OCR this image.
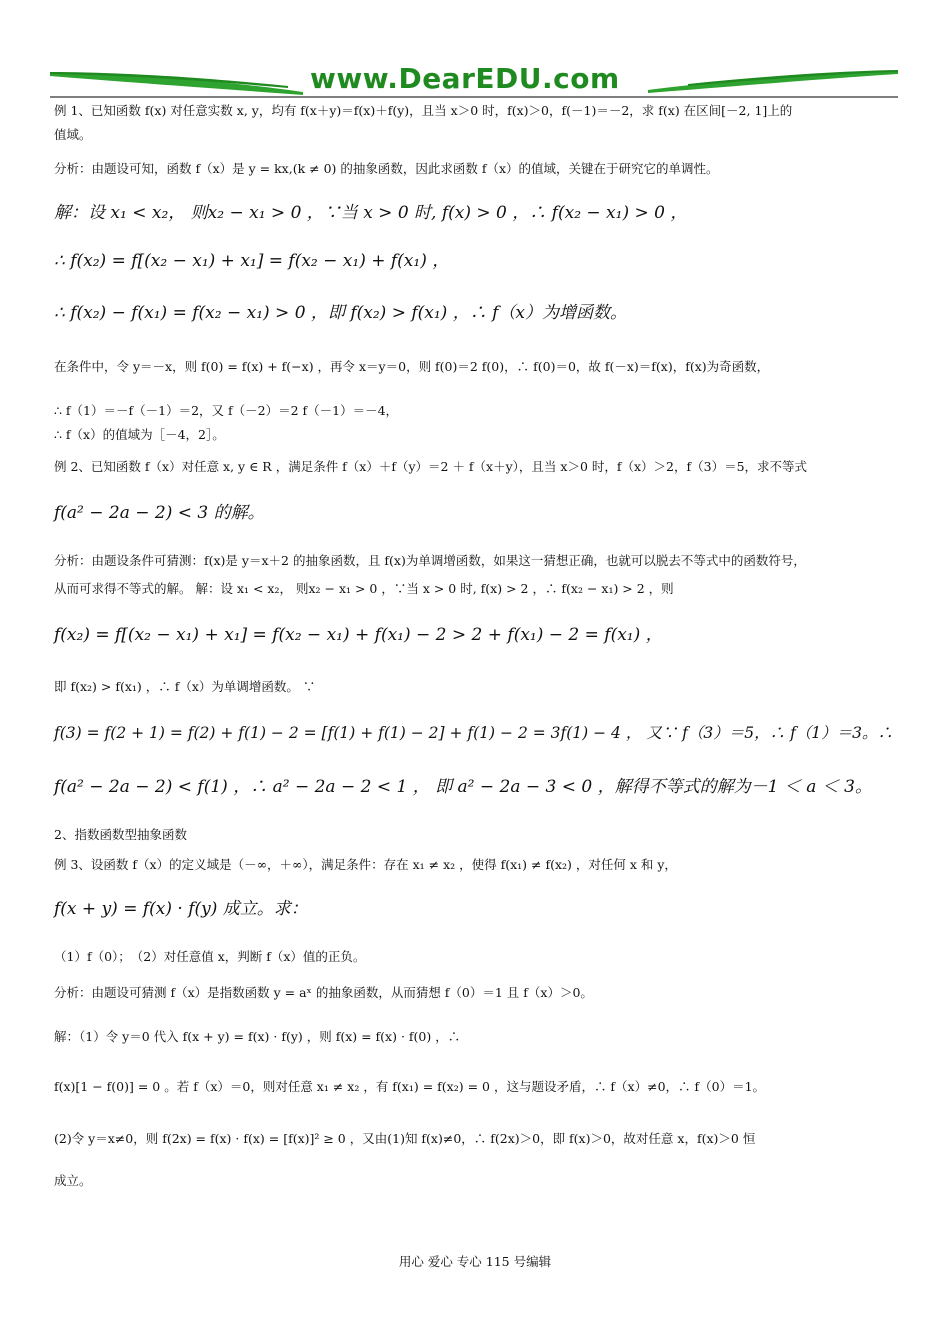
www.DearEDU.com
例 1、已知函数 f(x) 对任意实数 x, y，均有 f(x＋y)＝f(x)＋f(y)，且当 x＞0 时，f(x)＞0，f(－1)＝－2，求 f(x) 在区间[－2, 1]上的
值域。
分析：由题设可知，函数 f（x）是 y = kx,(k ≠ 0) 的抽象函数，因此求函数 f（x）的值域，关键在于研究它的单调性。
解：设 x₁ < x₂， 则x₂ − x₁ > 0 ，∵当 x > 0 时, f(x) > 0 ，∴ f(x₂ − x₁) > 0 ，
∴ f(x₂) = f[(x₂ − x₁) + x₁] = f(x₂ − x₁) + f(x₁) ，
∴ f(x₂) − f(x₁) = f(x₂ − x₁) > 0 ，即 f(x₂) > f(x₁) ，∴ f（x）为增函数。
在条件中，令 y＝－x，则 f(0) = f(x) + f(−x) ，再令 x＝y＝0，则 f(0)＝2 f(0)，∴ f(0)＝0，故 f(－x)＝f(x)，f(x)为奇函数，
∴ f（1）＝－f（－1）＝2，又 f（－2）＝2 f（－1）＝－4，
∴ f（x）的值域为［－4，2］。
例 2、已知函数 f（x）对任意 x, y ∈ R ，满足条件 f（x）＋f（y）＝2 ＋ f（x＋y），且当 x＞0 时，f（x）＞2，f（3）＝5，求不等式
f(a² − 2a − 2) < 3 的解。
分析：由题设条件可猜测：f(x)是 y＝x＋2 的抽象函数，且 f(x)为单调增函数，如果这一猜想正确，也就可以脱去不等式中的函数符号，
从而可求得不等式的解。 解：设 x₁ < x₂， 则x₂ − x₁ > 0 ，∵当 x > 0 时, f(x) > 2 ，∴ f(x₂ − x₁) > 2 ，则
f(x₂) = f[(x₂ − x₁) + x₁] = f(x₂ − x₁) + f(x₁) − 2 > 2 + f(x₁) − 2 = f(x₁) ，
即 f(x₂) > f(x₁) ，∴ f（x）为单调增函数。 ∵
f(3) = f(2 + 1) = f(2) + f(1) − 2 = [f(1) + f(1) − 2] + f(1) − 2 = 3f(1) − 4 ， 又∵ f（3）＝5，∴ f（1）＝3。∴
f(a² − 2a − 2) < f(1) ，∴ a² − 2a − 2 < 1 ， 即 a² − 2a − 3 < 0 ，解得不等式的解为－1 ＜ a ＜ 3。
2、指数函数型抽象函数
例 3、设函数 f（x）的定义域是（－∞，＋∞），满足条件：存在 x₁ ≠ x₂ ，使得 f(x₁) ≠ f(x₂) ，对任何 x 和 y，
f(x + y) = f(x) · f(y) 成立。求：
（1）f（0）；　（2）对任意值 x，判断 f（x）值的正负。
分析：由题设可猜测 f（x）是指数函数 y = aˣ 的抽象函数，从而猜想 f（0）＝1 且 f（x）＞0。
解：（1）令 y＝0 代入 f(x + y) = f(x) · f(y) ，则 f(x) = f(x) · f(0) ，∴
f(x)[1 − f(0)] = 0 。若 f（x）＝0，则对任意 x₁ ≠ x₂ ，有 f(x₁) = f(x₂) = 0 ，这与题设矛盾，∴ f（x）≠0，∴ f（0）＝1。
(2)令 y＝x≠0，则 f(2x) = f(x) · f(x) = [f(x)]² ≥ 0 ，又由(1)知 f(x)≠0，∴ f(2x)＞0，即 f(x)＞0，故对任意 x，f(x)＞0 恒
成立。
用心 爱心 专心 115 号编辑
